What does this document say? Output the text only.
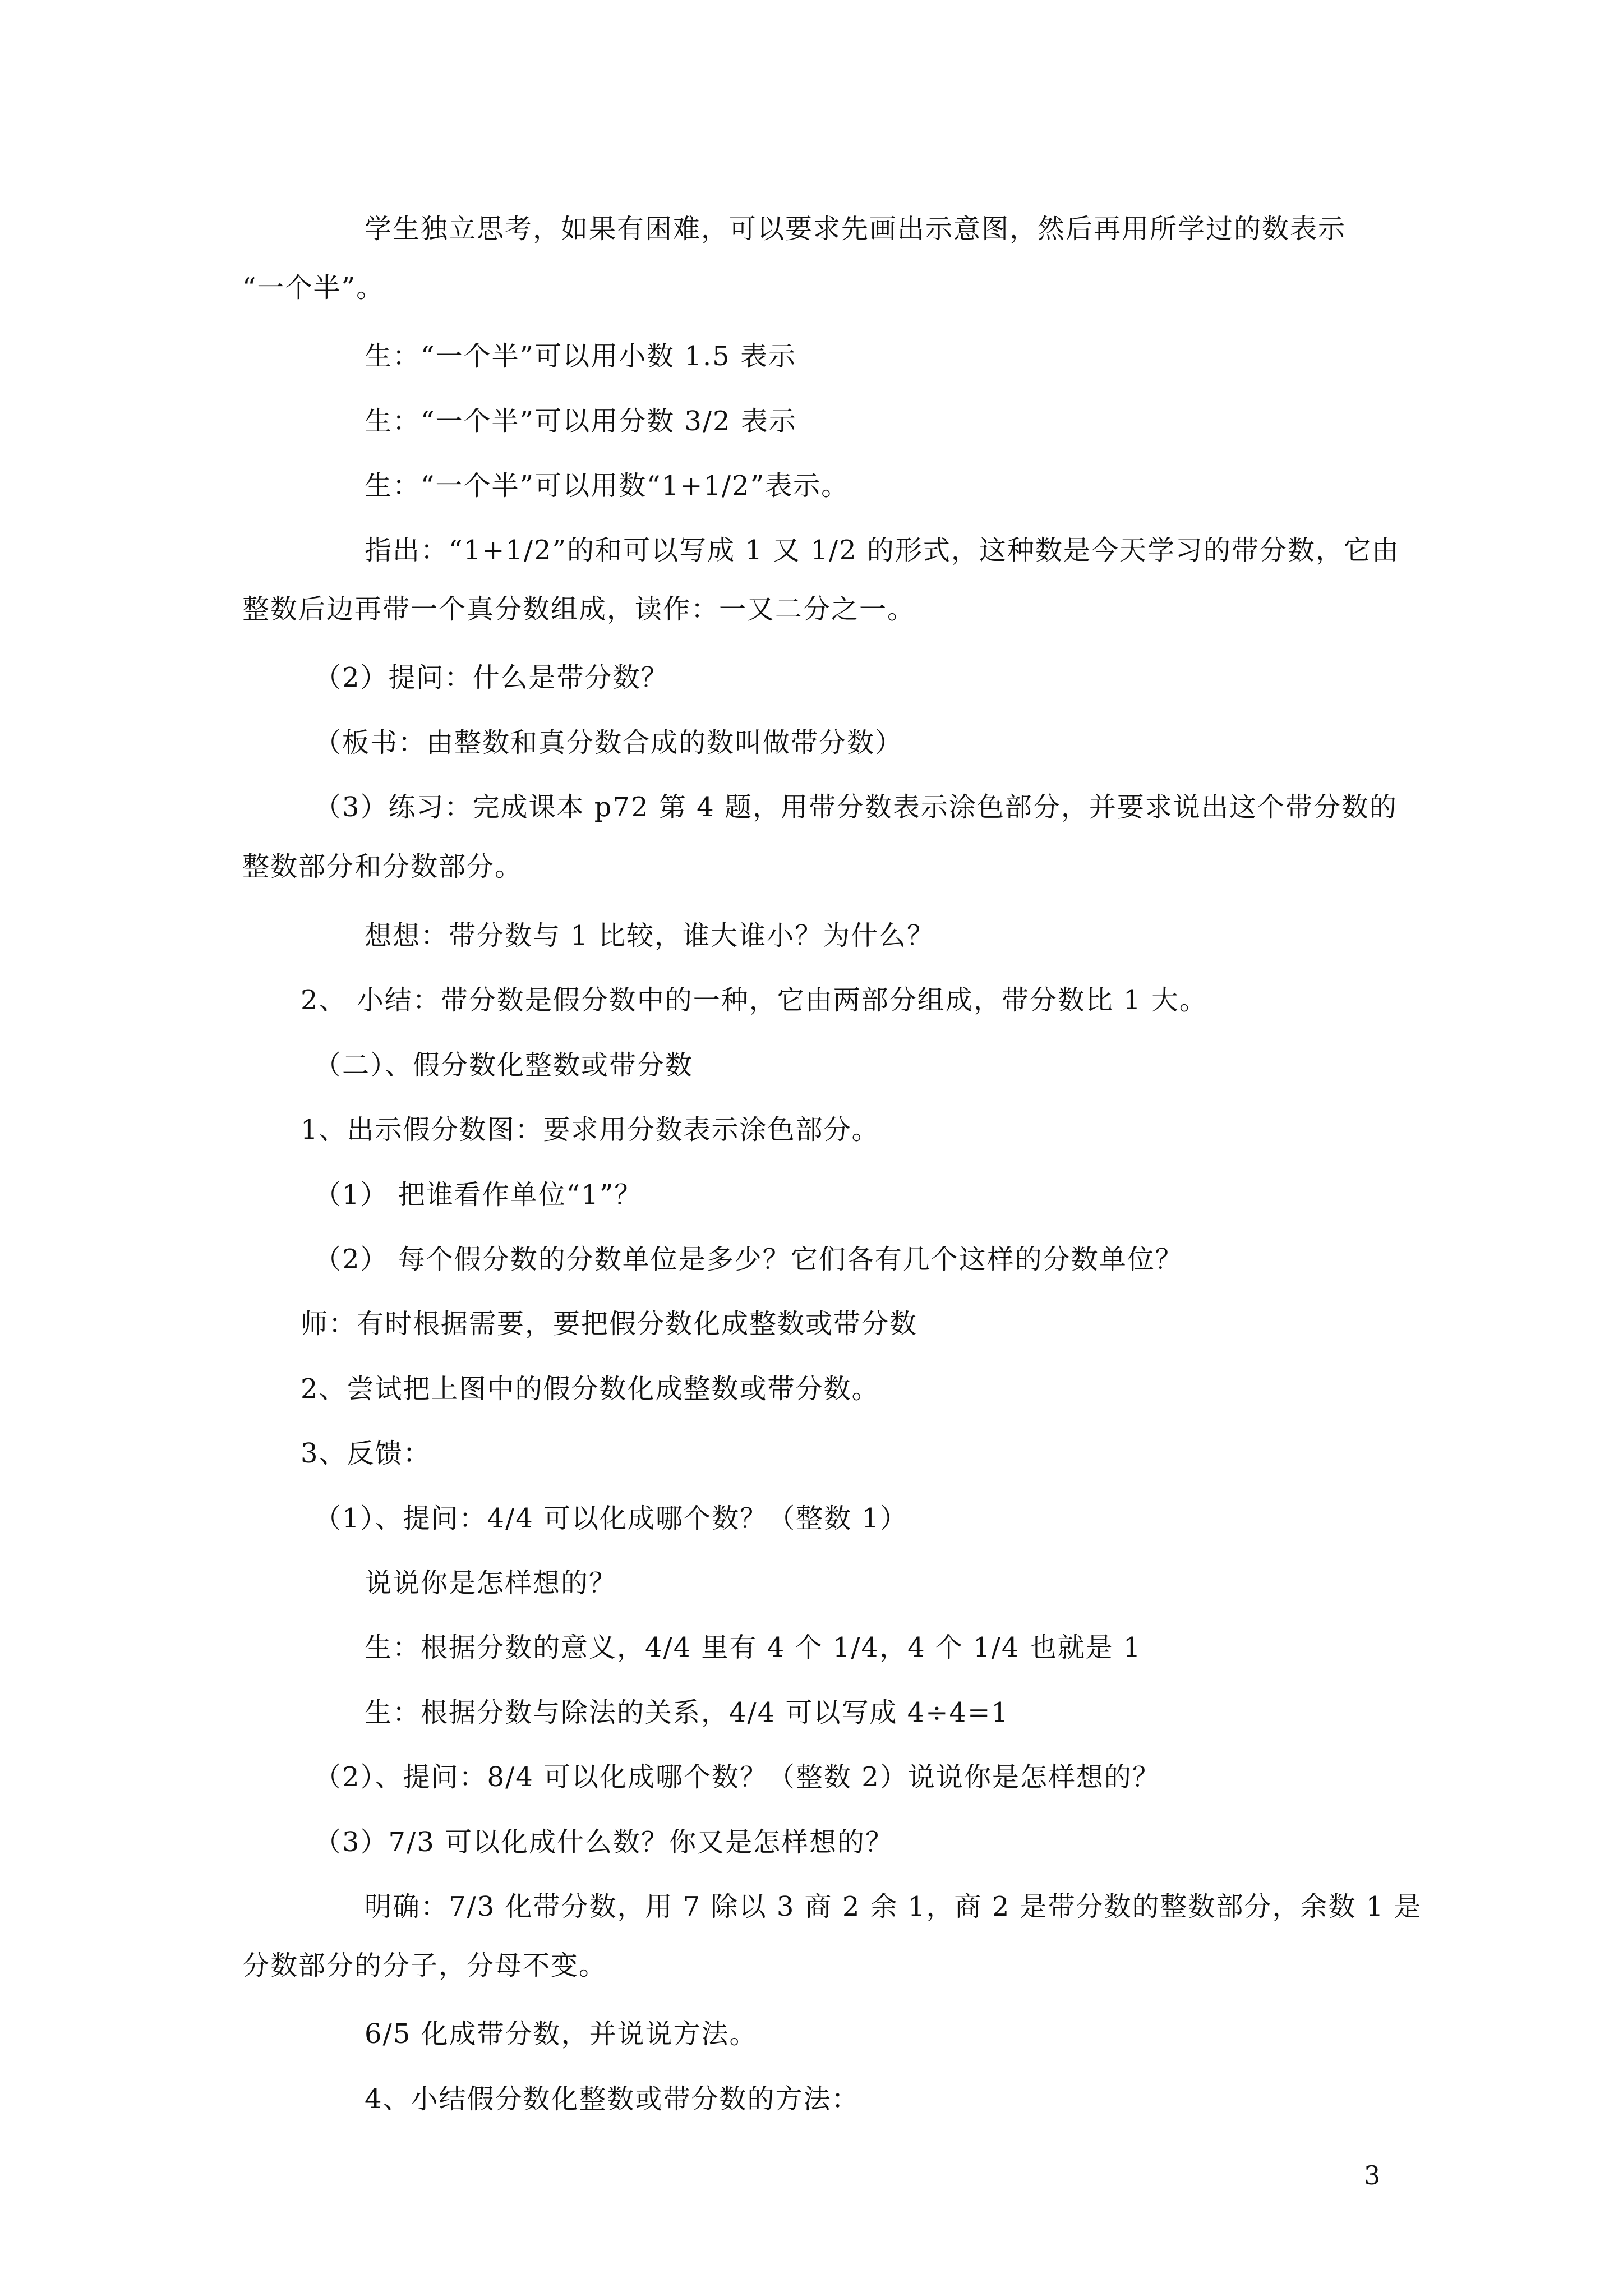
学生独立思考，如果有困难，可以要求先画出示意图，然后再用所学过的数表示
“一个半”。
生：“一个半”可以用小数 1.5 表示
生：“一个半”可以用分数 3/2 表示
生：“一个半”可以用数“1+1/2”表示。
指出：“1+1/2”的和可以写成 1 又 1/2 的形式，这种数是今天学习的带分数，它由
整数后边再带一个真分数组成，读作：一又二分之一。
（2）提问：什么是带分数？
（板书：由整数和真分数合成的数叫做带分数）
（3）练习：完成课本 p72 第 4 题，用带分数表示涂色部分，并要求说出这个带分数的
整数部分和分数部分。
想想：带分数与 1 比较，谁大谁小？为什么？
2、 小结：带分数是假分数中的一种，它由两部分组成，带分数比 1 大。
（二）、假分数化整数或带分数
1、出示假分数图：要求用分数表示涂色部分。
（1） 把谁看作单位“1”？
（2） 每个假分数的分数单位是多少？它们各有几个这样的分数单位？
师：有时根据需要，要把假分数化成整数或带分数
2、尝试把上图中的假分数化成整数或带分数。
3、反馈：
（1）、提问：4/4 可以化成哪个数？（整数 1）
说说你是怎样想的？
生：根据分数的意义，4/4 里有 4 个 1/4，4 个 1/4 也就是 1
生：根据分数与除法的关系，4/4 可以写成 4÷4=1
（2）、提问：8/4 可以化成哪个数？（整数 2）说说你是怎样想的？
（3）7/3 可以化成什么数？你又是怎样想的？
明确：7/3 化带分数，用 7 除以 3 商 2 余 1，商 2 是带分数的整数部分，余数 1 是
分数部分的分子，分母不变。
6/5 化成带分数，并说说方法。
4、小结假分数化整数或带分数的方法：
3
